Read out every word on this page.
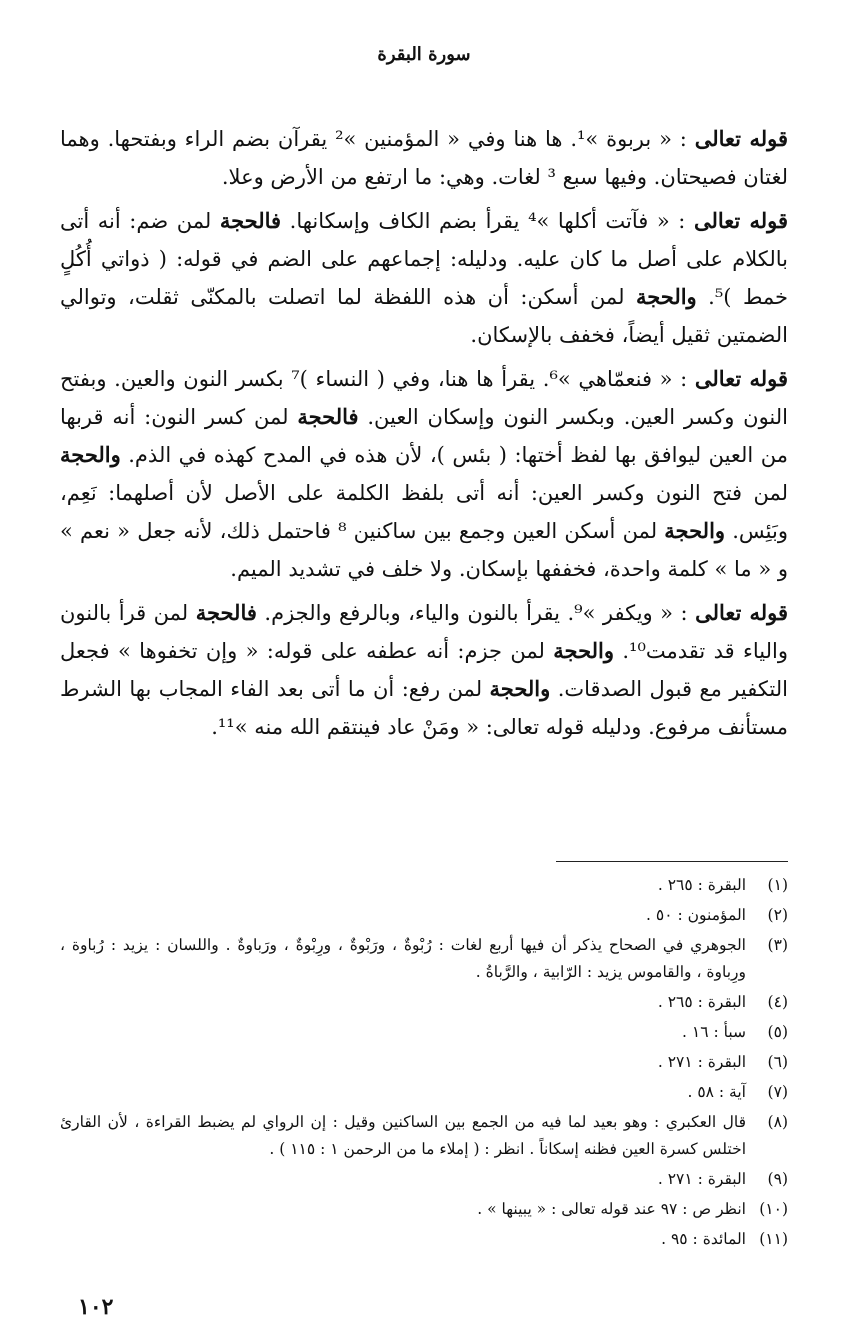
سورة البقرة

قوله تعالى : « بربوة »¹. ها هنا وفي « المؤمنين »² يقرآن بضم الراء وبفتحها. وهما لغتان فصيحتان. وفيها سبع ³ لغات. وهي: ما ارتفع من الأرض وعلا.

قوله تعالى : « فآتت أكلها »⁴ يقرأ بضم الكاف وإسكانها. فالحجة لمن ضم: أنه أتى بالكلام على أصل ما كان عليه. ودليله: إجماعهم على الضم في قوله: ( ذواتي أُكُلٍ خمط )⁵. والحجة لمن أسكن: أن هذه اللفظة لما اتصلت بالمكنّى ثقلت، وتوالي الضمتين ثقيل أيضاً، فخفف بالإسكان.

قوله تعالى : « فنعمّاهي »⁶. يقرأ ها هنا، وفي ( النساء )⁷ بكسر النون والعين. وبفتح النون وكسر العين. وبكسر النون وإسكان العين. فالحجة لمن كسر النون: أنه قربها من العين ليوافق بها لفظ أختها: ( بئس )، لأن هذه في المدح كهذه في الذم. والحجة لمن فتح النون وكسر العين: أنه أتى بلفظ الكلمة على الأصل لأن أصلهما: نَعِم، وبَئِس. والحجة لمن أسكن العين وجمع بين ساكنين ⁸ فاحتمل ذلك، لأنه جعل « نعم » و « ما » كلمة واحدة، فخففها بإسكان. ولا خلف في تشديد الميم.

قوله تعالى : « ويكفر »⁹. يقرأ بالنون والياء، وبالرفع والجزم. فالحجة لمن قرأ بالنون والياء قد تقدمت¹⁰. والحجة لمن جزم: أنه عطفه على قوله: « وإن تخفوها » فجعل التكفير مع قبول الصدقات. والحجة لمن رفع: أن ما أتى بعد الفاء المجاب بها الشرط مستأنف مرفوع. ودليله قوله تعالى: « ومَنْ عاد فينتقم الله منه »¹¹.

(١)
البقرة : ٢٦٥ .
(٢)
المؤمنون : ٥٠ .
(٣)
الجوهري في الصحاح يذكر أن فيها أربع لغات : رُبْوةٌ ، ورَبْوةٌ ، ورِبْوةٌ ، ورَباوةٌ . واللسان : يزيد : رُباوة ، ورِباوة ، والقاموس يزيد : الرّابية ، والرَّباةُ .
(٤)
البقرة : ٢٦٥ .
(٥)
سبأ : ١٦ .
(٦)
البقرة : ٢٧١ .
(٧)
آية : ٥٨ .
(٨)
قال العكبري : وهو بعيد لما فيه من الجمع بين الساكنين وقيل : إن الرواي لم يضبط القراءة ، لأن القارئ اختلس كسرة العين فظنه إسكاناً . انظر : ( إملاء ما من الرحمن ١ : ١١٥ ) .
(٩)
البقرة : ٢٧١ .
(١٠)
انظر ص : ٩٧ عند قوله تعالى : « يبينها » .
(١١)
المائدة : ٩٥ .
١٠٢
